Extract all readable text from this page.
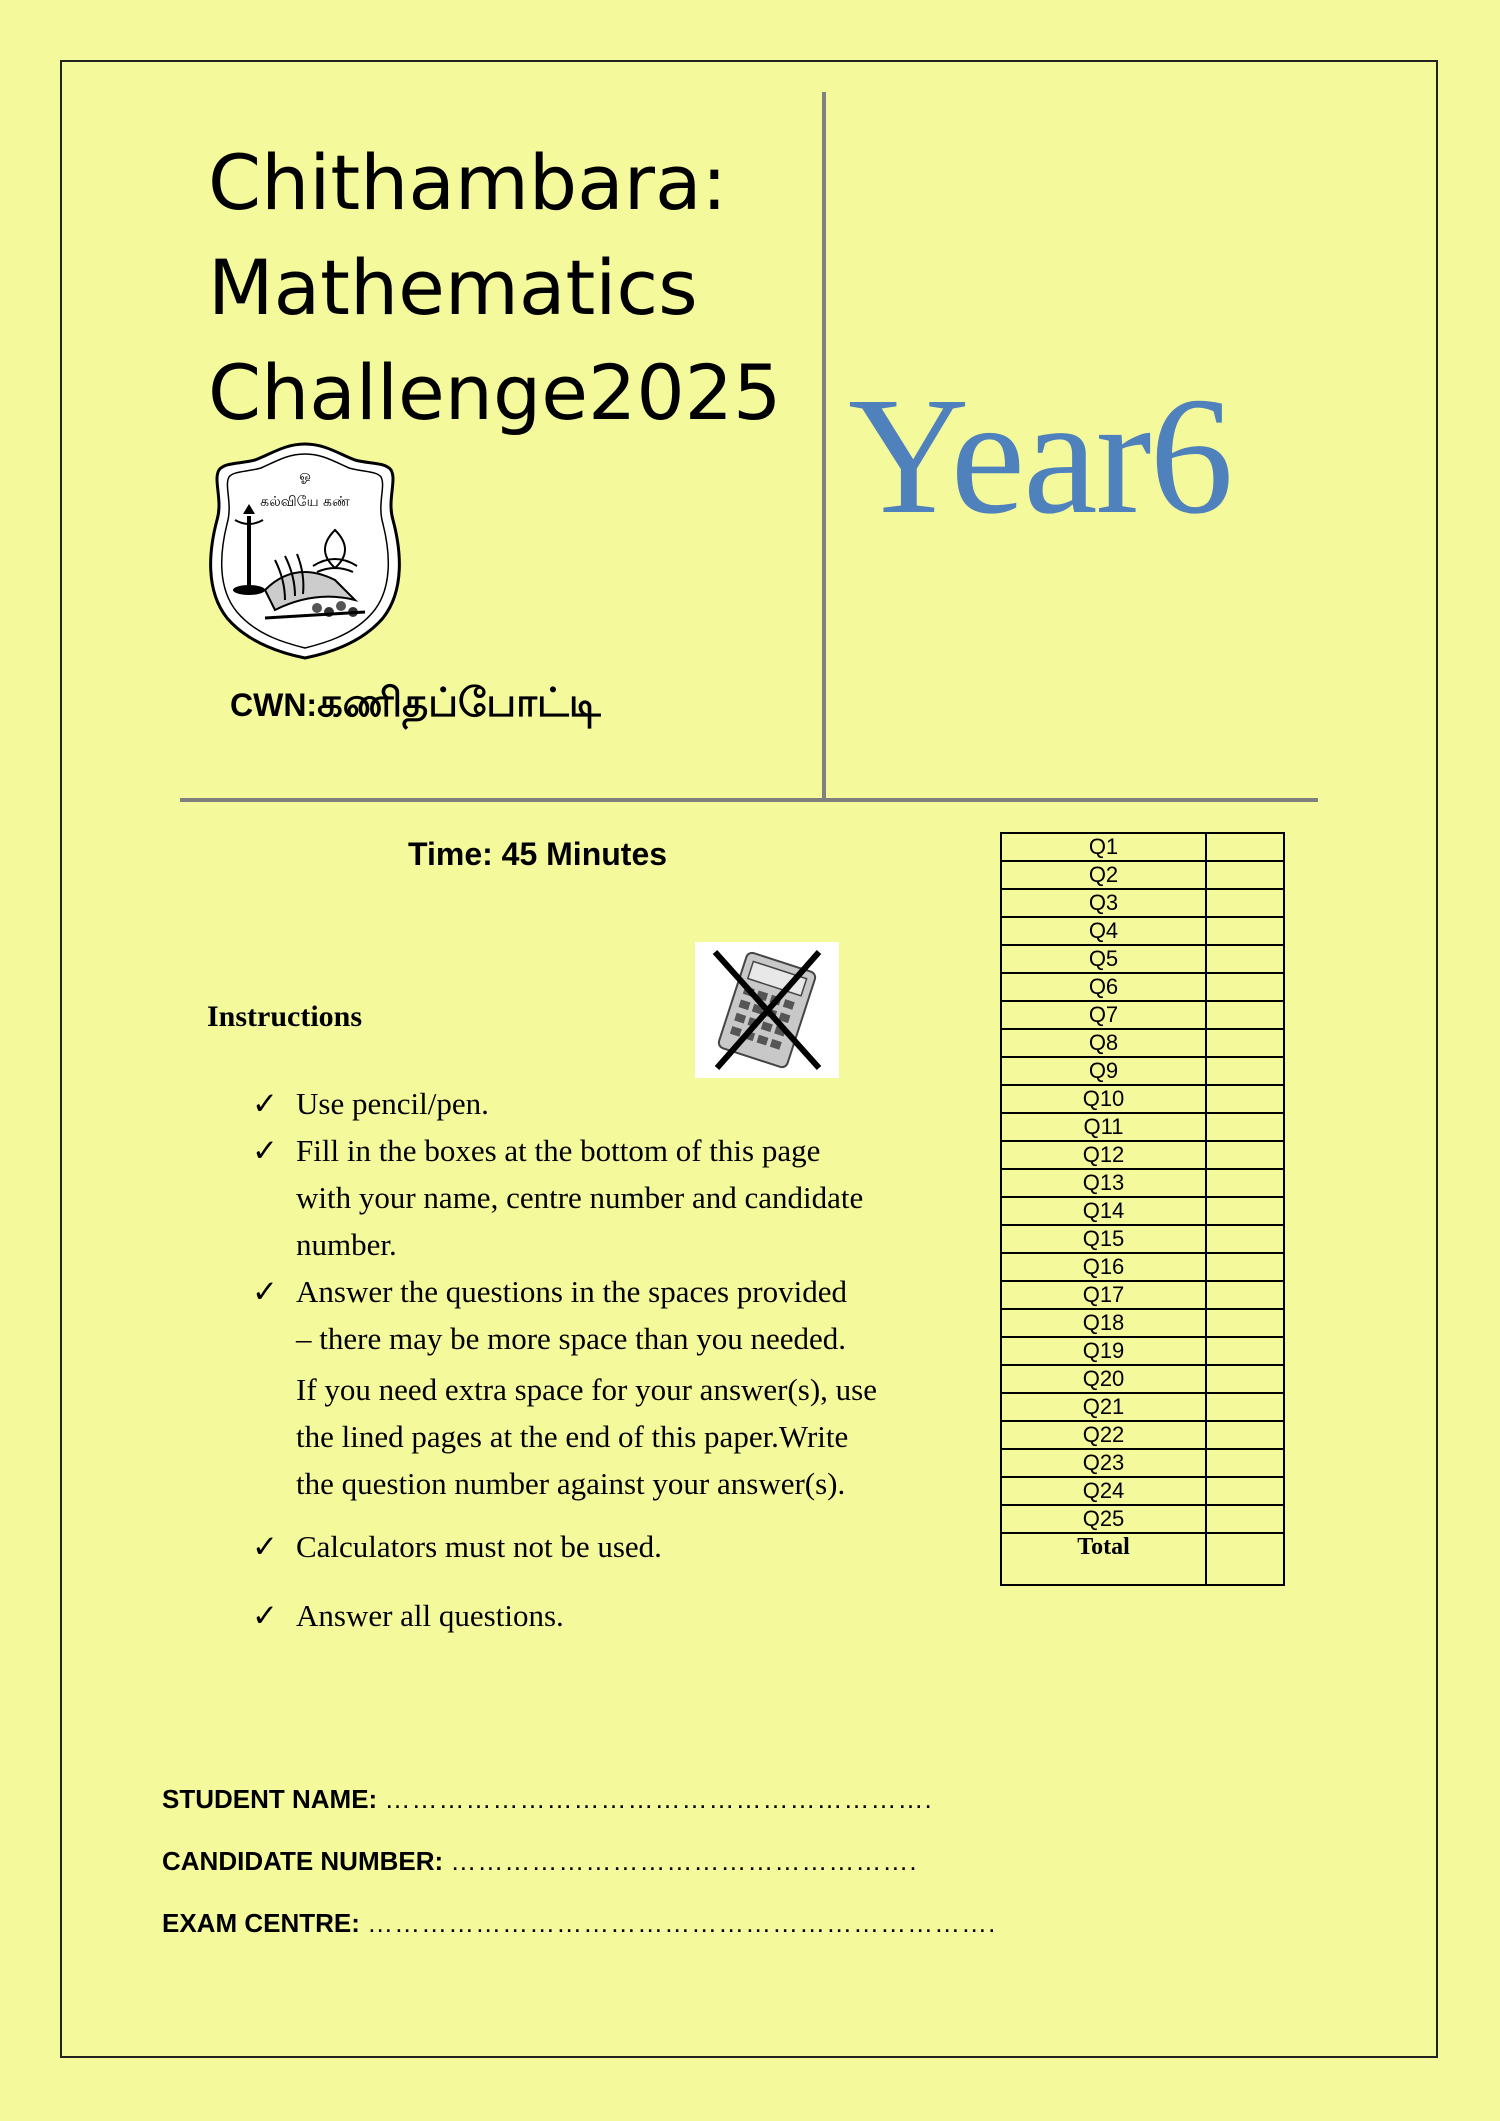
Chithambara:
Mathematics
Challenge2025 Year6
ஓ
கல்வியே கண்
CWN:கணிதப்போட்டி
Time: 45 Minutes
Instructions
✓ Use pencil/pen.
✓ Fill in the boxes at the bottom of this page
with your name, centre number and candidate
number.
✓ Answer the questions in the spaces provided
– there may be more space than you needed.
If you need extra space for your answer(s), use
the lined pages at the end of this paper.Write
the question number against your answer(s).
✓ Calculators must not be used.
✓ Answer all questions.
Q1	
Q2	
Q3	
Q4	
Q5	
Q6	
Q7	
Q8	
Q9	
Q10	
Q11	
Q12	
Q13	
Q14	
Q15	
Q16	
Q17	
Q18	
Q19	
Q20	
Q21	
Q22	
Q23	
Q24	
Q25	
Total	
STUDENT NAME: …………………………………………………….
CANDIDATE NUMBER: …………………………………………….
EXAM CENTRE: …………………………………………………………….
